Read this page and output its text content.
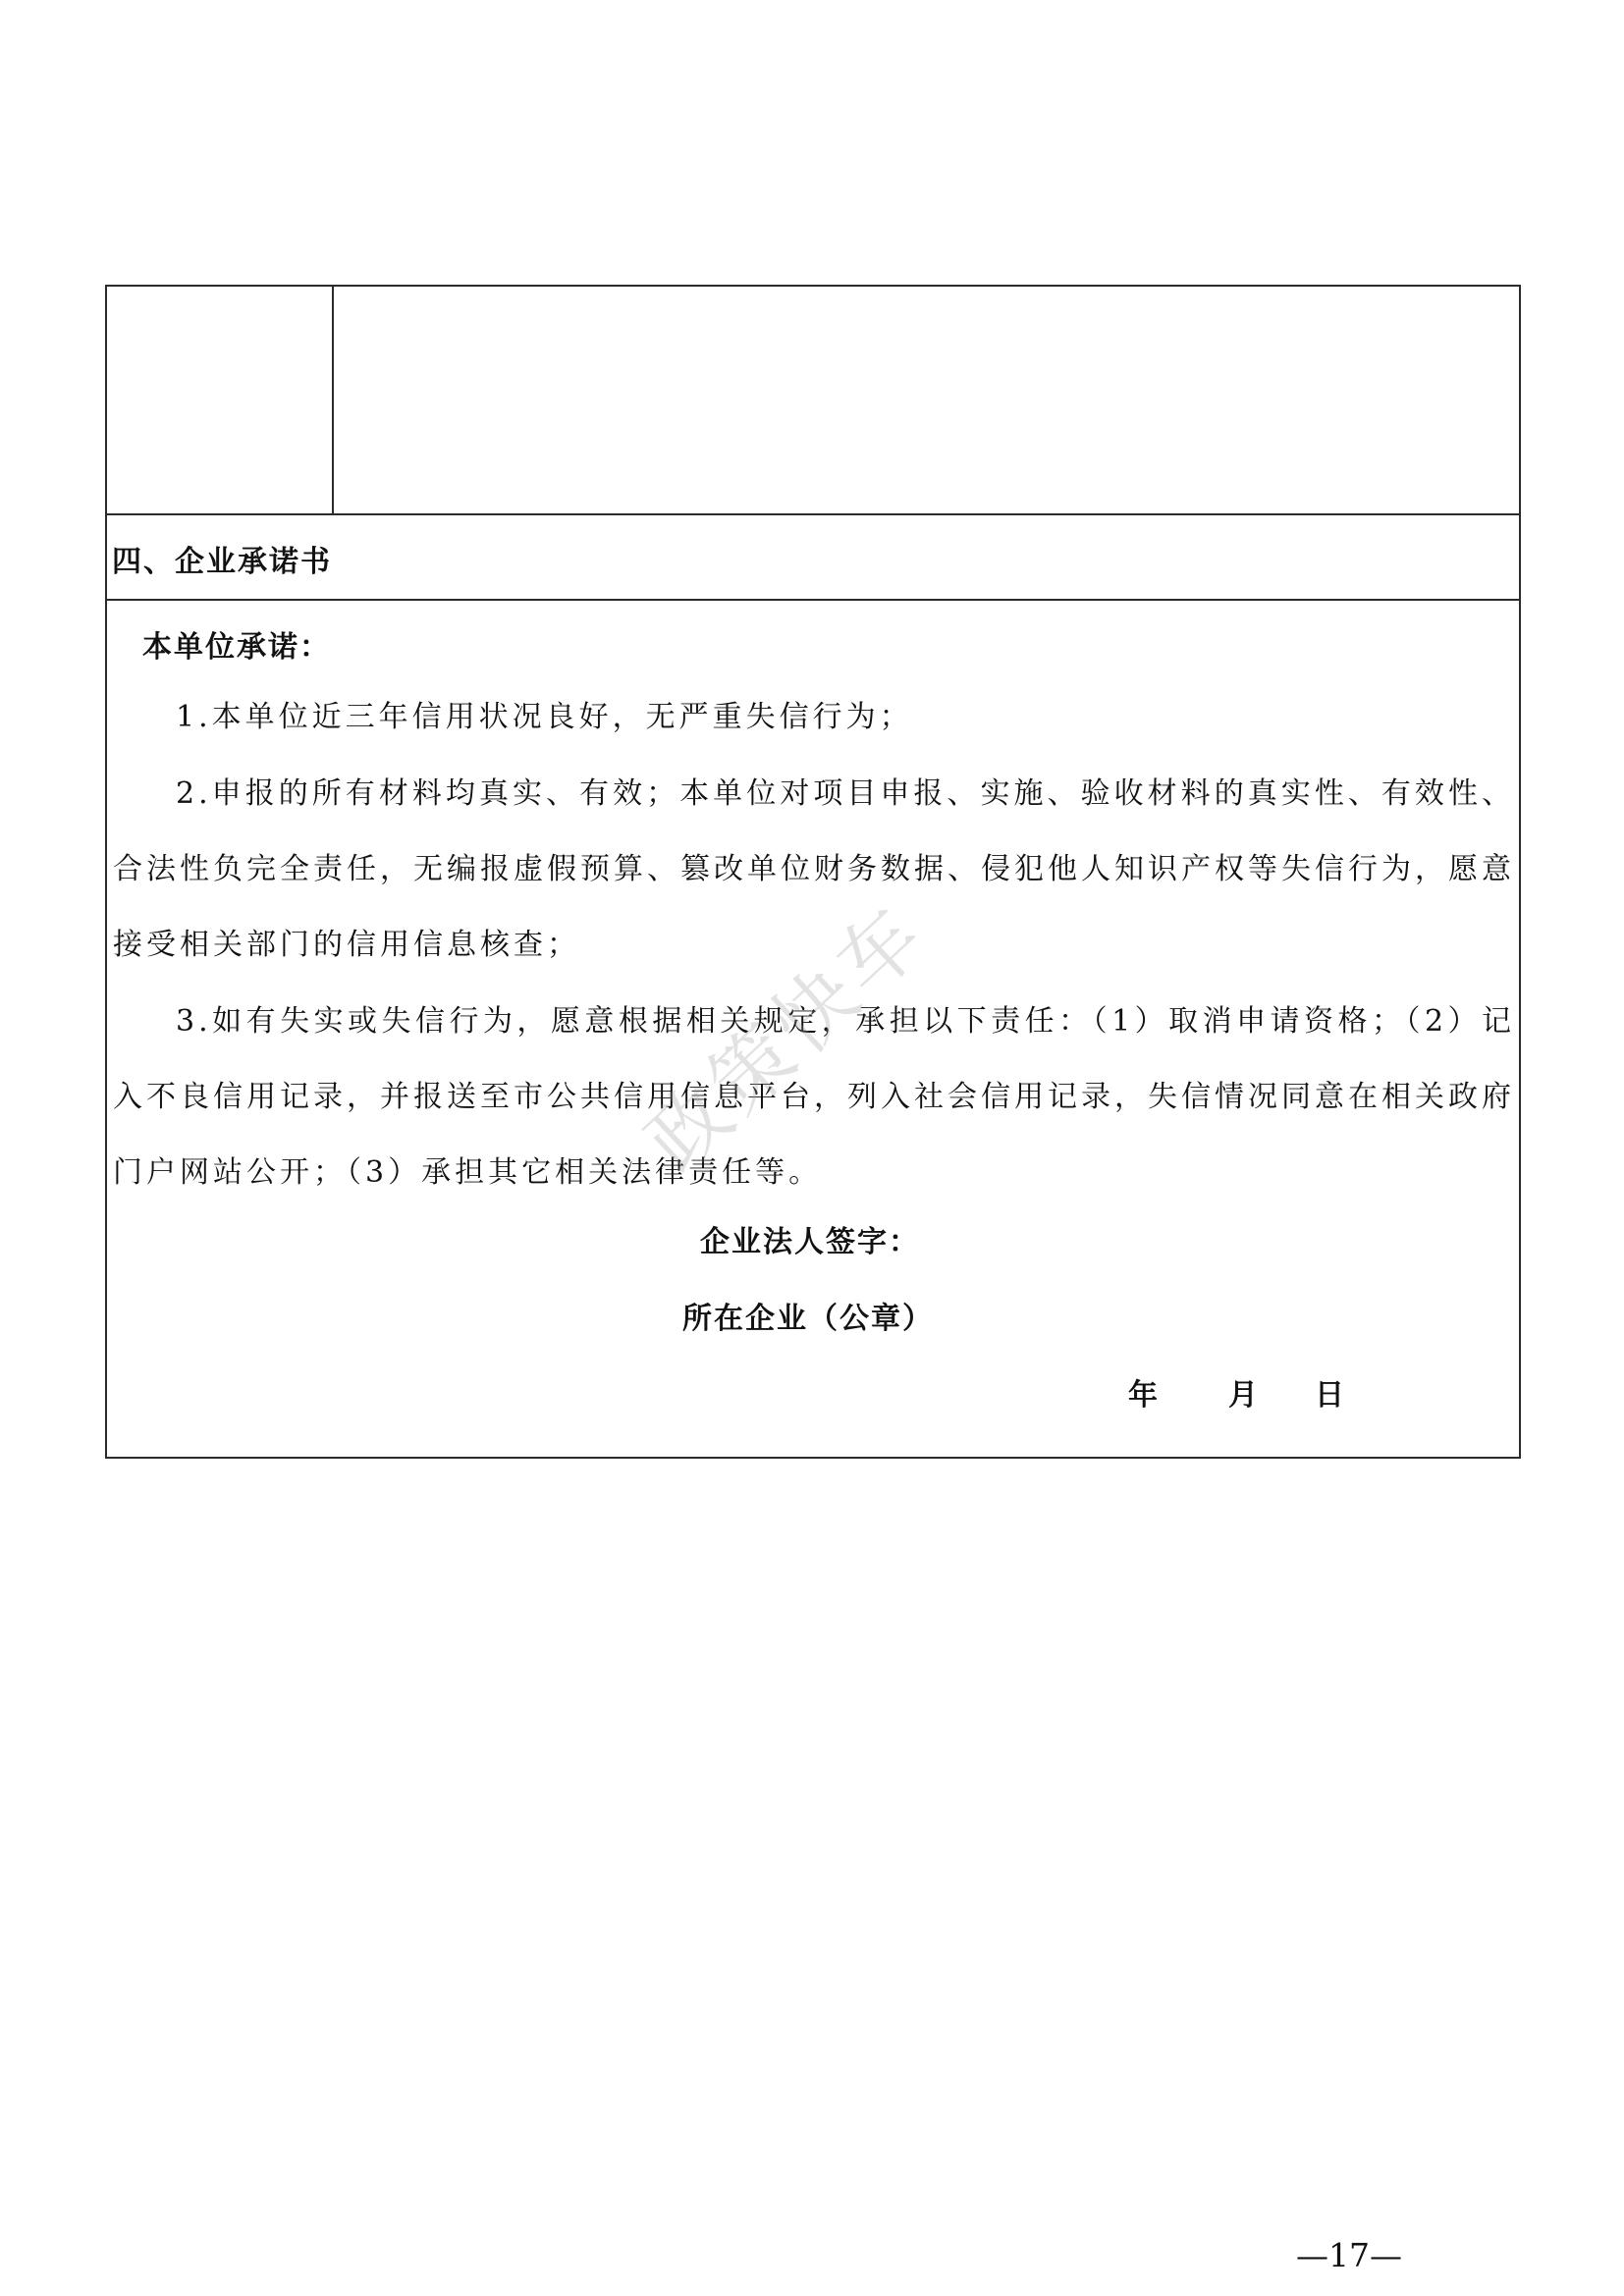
四、企业承诺书
本单位承诺：

1.本单位近三年信用状况良好，无严重失信行为；

2.申报的所有材料均真实、有效；本单位对项目申报、实施、验收材料的真实性、有效性、合法性负完全责任，无编报虚假预算、篡改单位财务数据、侵犯他人知识产权等失信行为，愿意接受相关部门的信用信息核查；

3.如有失实或失信行为，愿意根据相关规定，承担以下责任：（1）取消申请资格；（2）记入不良信用记录，并报送至市公共信用信息平台，列入社会信用记录，失信情况同意在相关政府门户网站公开；（3）承担其它相关法律责任等。

企业法人签字：
所在企业（公章）
年 月 日
政策快车
—17—
